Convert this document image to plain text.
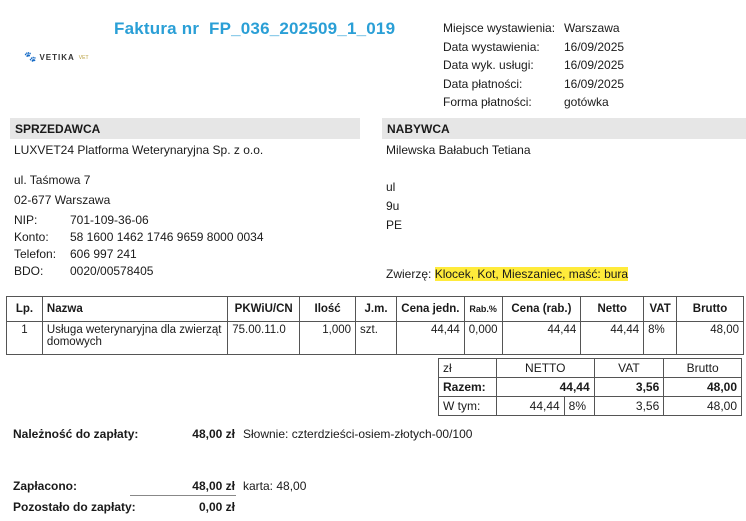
Faktura nr  FP_036_202509_1_019
🐾 VETIKA VET
Miejsce wystawienia: Warszawa
Data wystawienia:	16/09/2025
Data wyk. usługi:	16/09/2025
Data płatności:	16/09/2025
Forma płatności:	gotówka
SPRZEDAWCA
LUXVET24 Platforma Weterynaryjna Sp. z o.o.
ul. Taśmowa 7
02-677 Warszawa
NIP:	701-109-36-06
Konto:	58 1600 1462 1746 9659 8000 0034
Telefon:	606 997 241
BDO:	0020/00578405
NABYWCA
Milewska Bałabuch Tetiana
ul
9u
PE
Zwierzę: Klocek, Kot, Mieszaniec, maść: bura
Lp.	Nazwa	PKWiU/CN	Ilość	J.m.	Cena jedn.	Rab.%	Cena (rab.)	Netto	VAT	Brutto
1	Usługa weterynaryjna dla zwierząt domowych	75.00.11.0	1,000	szt.	44,44	0,000	44,44	44,44	8%	48,00
zł	NETTO		VAT	Brutto
Razem:	44,44		3,56	48,00
W tym:	44,44	8%	3,56	48,00
Należność do zapłaty:	48,00 zł Słownie: czterdzieści-osiem-złotych-00/100
Zapłacono:	48,00 zł karta: 48,00
Pozostało do zapłaty:	0,00 zł
